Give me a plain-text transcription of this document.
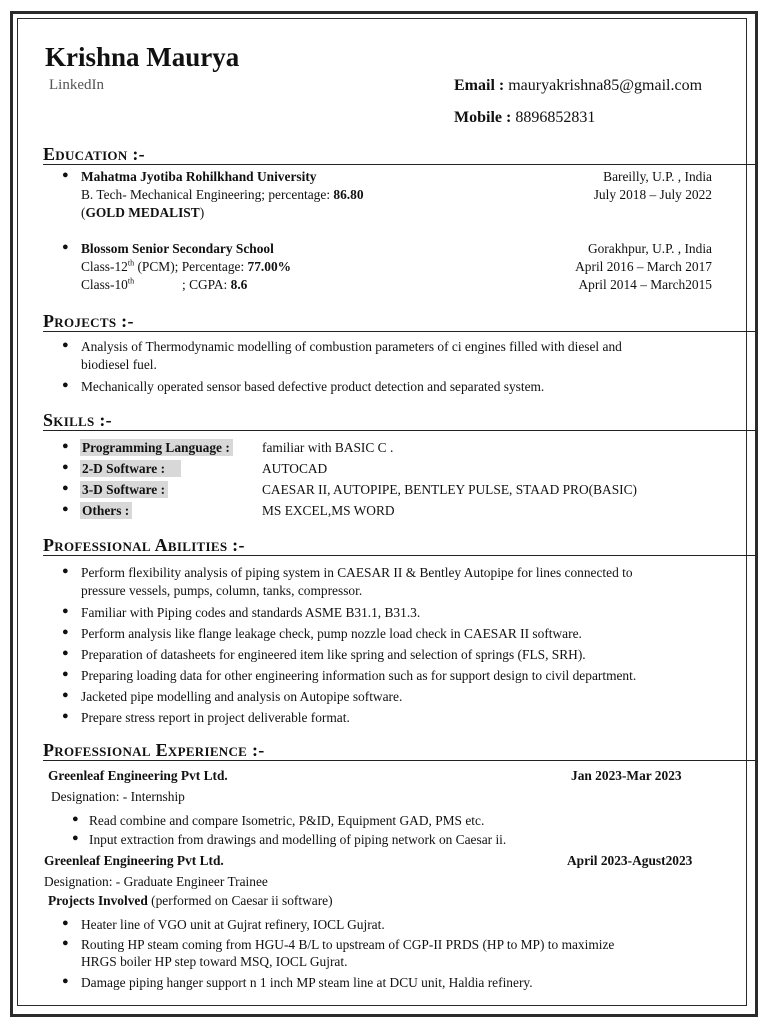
Krishna Maurya
LinkedIn	Email : mauryakrishna85@gmail.com
Mobile : 8896852831
Education :-
● Mahatma Jyotiba Rohilkhand University	Bareilly, U.P. , India
B. Tech- Mechanical Engineering; percentage: 86.80	July 2018 – July 2022
(GOLD MEDALIST)
● Blossom Senior Secondary School	Gorakhpur, U.P. , India
Class-12th (PCM); Percentage: 77.00%	April 2016 – March 2017
Class-10th	; CGPA: 8.6	April 2014 – March2015
Projects :-
● Analysis of Thermodynamic modelling of combustion parameters of ci engines filled with diesel and
biodiesel fuel.
● Mechanically operated sensor based defective product detection and separated system.
Skills :-
● Programming Language : familiar with BASIC C .
● 2-D Software :	AUTOCAD
● 3-D Software :	CAESAR II, AUTOPIPE, BENTLEY PULSE, STAAD PRO(BASIC)
● Others :	MS EXCEL,MS WORD
Professional Abilities :-
● Perform flexibility analysis of piping system in CAESAR II & Bentley Autopipe for lines connected to
pressure vessels, pumps, column, tanks, compressor.
● Familiar with Piping codes and standards ASME B31.1, B31.3.
● Perform analysis like flange leakage check, pump nozzle load check in CAESAR II software.
● Preparation of datasheets for engineered item like spring and selection of springs (FLS, SRH).
● Preparing loading data for other engineering information such as for support design to civil department.
● Jacketed pipe modelling and analysis on Autopipe software.
● Prepare stress report in project deliverable format.
Professional Experience :-
Greenleaf Engineering Pvt Ltd.	Jan 2023-Mar 2023
Designation: - Internship
● Read combine and compare Isometric, P&ID, Equipment GAD, PMS etc.
● Input extraction from drawings and modelling of piping network on Caesar ii.
Greenleaf Engineering Pvt Ltd.	April 2023-Agust2023
Designation: - Graduate Engineer Trainee
Projects Involved (performed on Caesar ii software)
● Heater line of VGO unit at Gujrat refinery, IOCL Gujrat.
● Routing HP steam coming from HGU-4 B/L to upstream of CGP-II PRDS (HP to MP) to maximize
HRGS boiler HP step toward MSQ, IOCL Gujrat.
● Damage piping hanger support n 1 inch MP steam line at DCU unit, Haldia refinery.
